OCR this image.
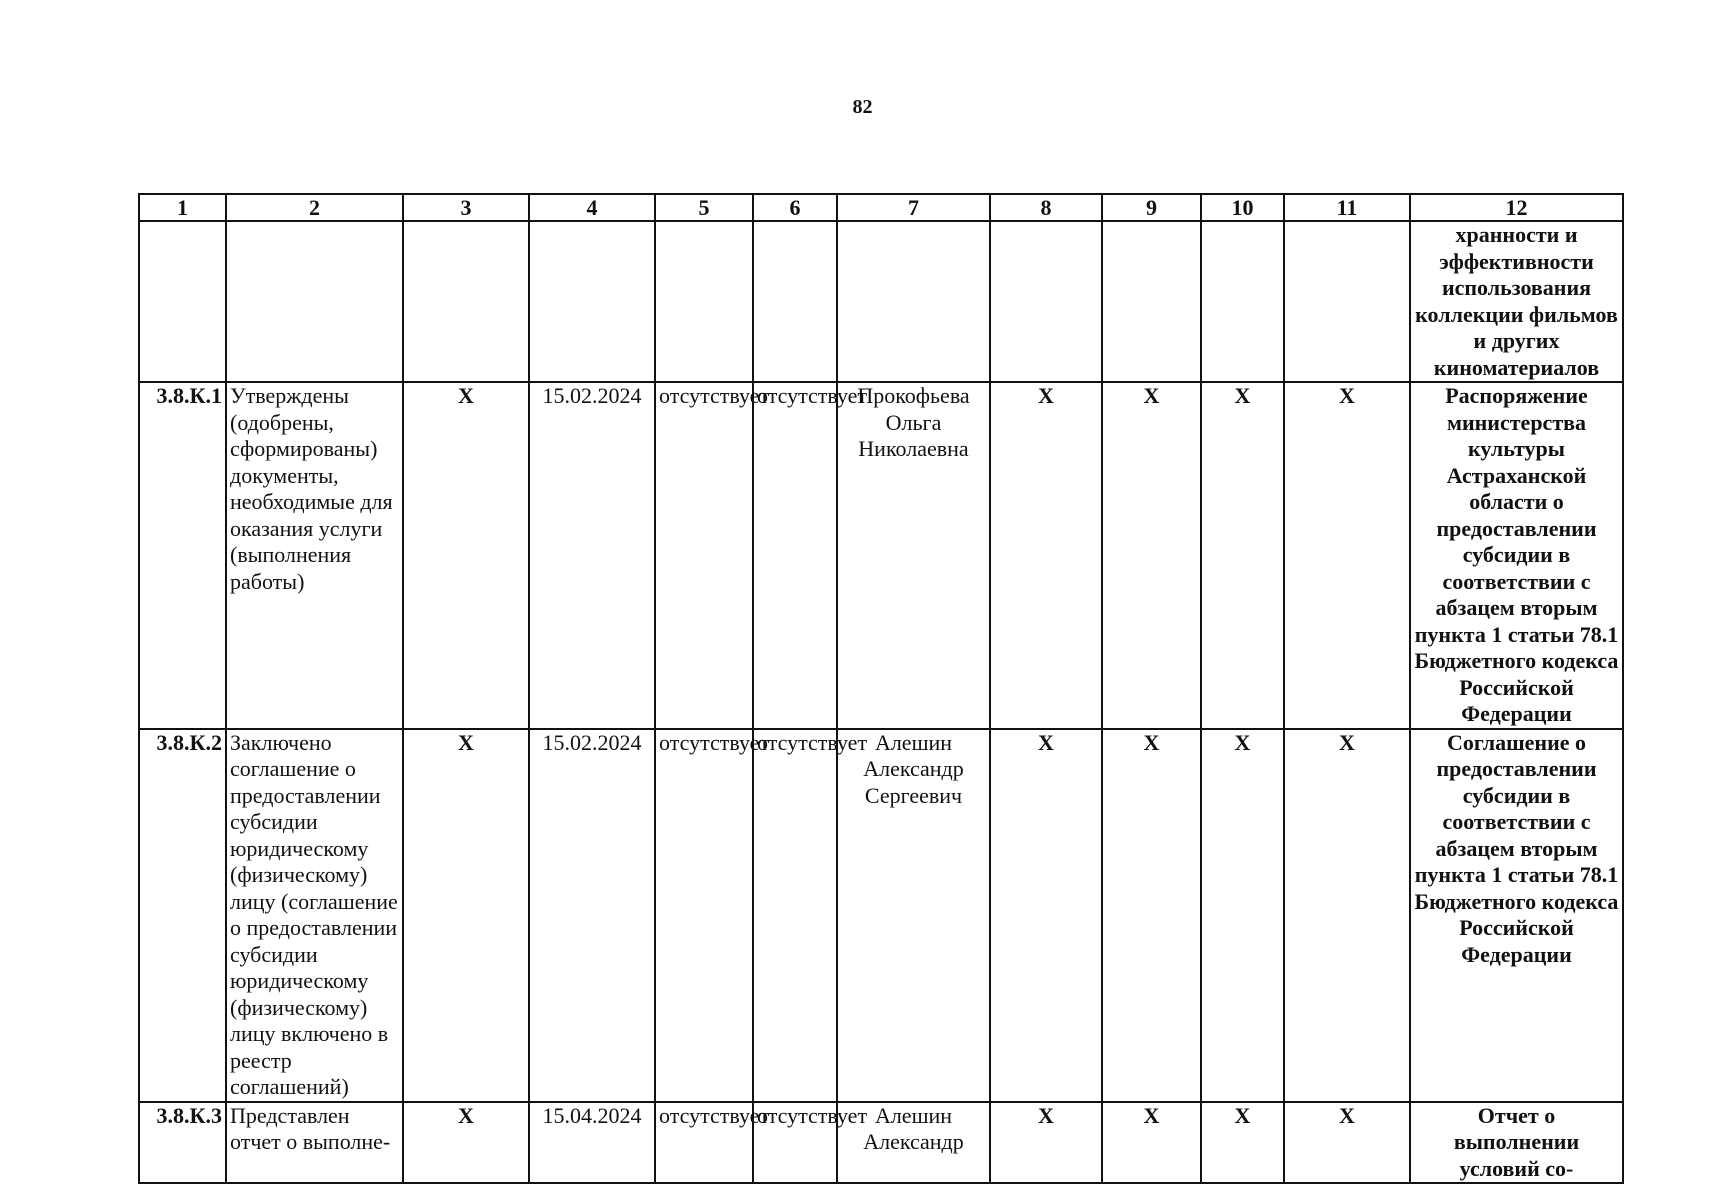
82
1	2	3	4	5	6	7	8	9	10	11	12
											хранности и эффективности использования коллекции фильмов и других киноматериалов
3.8.К.1	Утверждены (одобрены, сформированы) документы, необходимые для оказания услуги (выполнения работы)	X	15.02.2024	отсутствует	отсутствует	Прокофьева Ольга Николаевна	X	X	X	X	Распоряжение министерства культуры Астраханской области о предоставлении субсидии в соответствии с абзацем вторым пункта 1 статьи 78.1 Бюджетного кодекса Российской Федерации
3.8.К.2	Заключено соглашение о предоставлении субсидии юридическому (физическому) лицу (соглашение о предоставлении субсидии юридическому (физическому) лицу включено в реестр соглашений)	X	15.02.2024	отсутствует	отсутствует	Алешин Александр Сергеевич	X	X	X	X	Соглашение о предоставлении субсидии в соответствии с абзацем вторым пункта 1 статьи 78.1 Бюджетного кодекса Российской Федерации
3.8.К.3	Представлен отчет о выполне-	X	15.04.2024	отсутствует	отсутствует	Алешин Александр	X	X	X	X	Отчет о выполнении условий со-
